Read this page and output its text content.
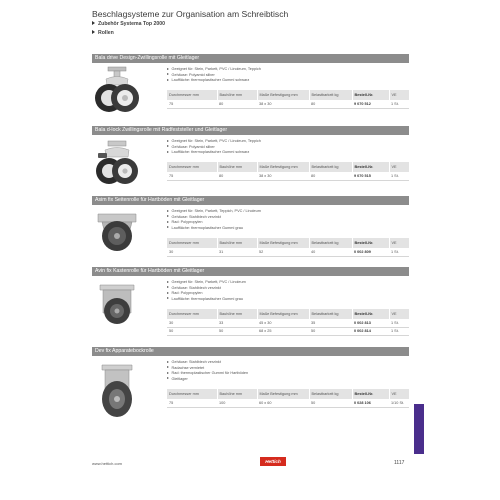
Beschlagsysteme zur Organisation am Schreibtisch
Zubehör Systema Top 2000
Rollen
Bala drive Design-Zwillingsrolle mit Gleitlager
Geeignet für: Stein, Parkett, PVC / Linoleum, Teppich
Gehäuse: Polyamid silber
Lauffläche: thermoplastischer Gummi schwarz
Durchmesser mm	Bauhöhe mm	Maße Befestigung mm	Belastbarkeit kg	Bestell-Nr.	VE
75	80	38 x 30	80	9 070 512	1 St.
Bala d-lock Zwillingsrolle mit Radfeststeller und Gleitlager
Geeignet für: Stein, Parkett, PVC / Linoleum, Teppich
Gehäuse: Polyamid silber
Lauffläche: thermoplastischer Gummi schwarz
Durchmesser mm	Bauhöhe mm	Maße Befestigung mm	Belastbarkeit kg	Bestell-Nr.	VE
75	80	38 x 30	80	9 070 515	1 St.
Asim fix Seitenrolle für Hartböden mit Gleitlager
Geeignet für: Stein, Parkett, Teppich, PVC / Linoleum
Gehäuse: Stahlblech verzinkt
Rad: Polypropylen
Lauffläche: thermoplastischer Gummi grau
Durchmesser mm	Bauhöhe mm	Maße Befestigung mm	Belastbarkeit kg	Bestell-Nr.	VE
30	31	52	40	0 002 809	1 St.
Avin fix Kastenrolle für Hartböden mit Gleitlager
Geeignet für: Stein, Parkett, PVC / Linoleum
Gehäuse: Stahlblech verzinkt
Rad: Polypropylen
Lauffläche: thermoplastischer Gummi grau
Durchmesser mm	Bauhöhe mm	Maße Befestigung mm	Belastbarkeit kg	Bestell-Nr.	VE
30	33	45 x 30	35	0 002 813	1 St.
50	50	68 x 25	50	0 002 814	1 St.
Dev fix Apparatebockrolle
Gehäuse: Stahlblech verzinkt
Radachse vernietet
Rad: thermoplastischer Gummi für Hartböden
Gleitlager
Durchmesser mm	Bauhöhe mm	Maße Befestigung mm	Belastbarkeit kg	Bestell-Nr.	VE
75	100	60 x 60	50	0 028 106	1/10 St.
www.hettich.com	Hettich	1117
